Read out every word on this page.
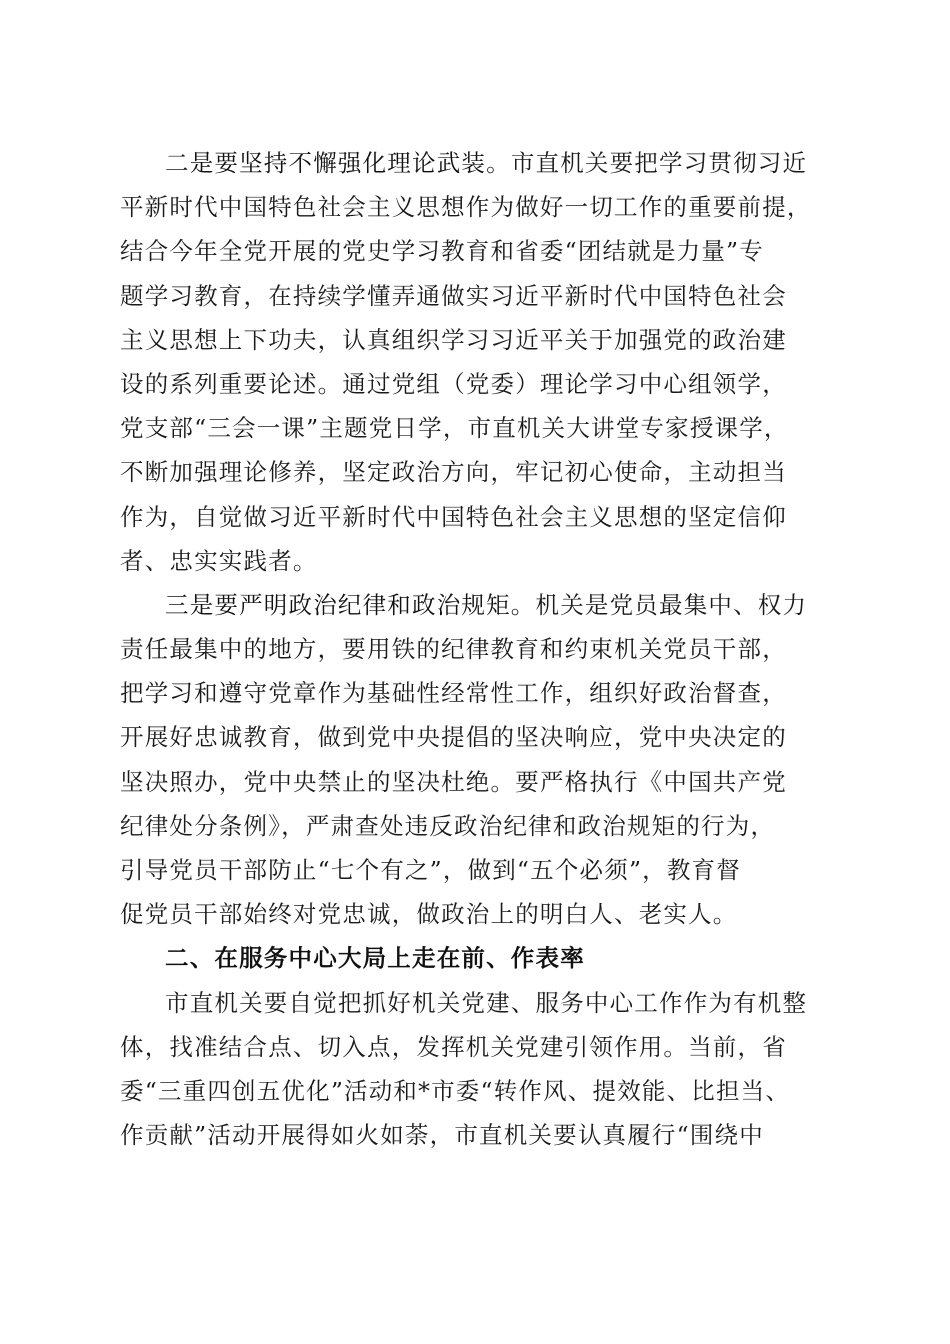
二是要坚持不懈强化理论武装。市直机关要把学习贯彻习近
平新时代中国特色社会主义思想作为做好一切工作的重要前提，
结合今年全党开展的党史学习教育和省委“团结就是力量”专
题学习教育，在持续学懂弄通做实习近平新时代中国特色社会
主义思想上下功夫，认真组织学习习近平关于加强党的政治建
设的系列重要论述。通过党组（党委）理论学习中心组领学，
党支部“三会一课”主题党日学，市直机关大讲堂专家授课学，
不断加强理论修养，坚定政治方向，牢记初心使命，主动担当
作为，自觉做习近平新时代中国特色社会主义思想的坚定信仰
者、忠实实践者。
三是要严明政治纪律和政治规矩。机关是党员最集中、权力
责任最集中的地方，要用铁的纪律教育和约束机关党员干部，
把学习和遵守党章作为基础性经常性工作，组织好政治督查，
开展好忠诚教育，做到党中央提倡的坚决响应，党中央决定的
坚决照办，党中央禁止的坚决杜绝。要严格执行《中国共产党
纪律处分条例》，严肃查处违反政治纪律和政治规矩的行为，
引导党员干部防止“七个有之”，做到“五个必须”，教育督
促党员干部始终对党忠诚，做政治上的明白人、老实人。
二、在服务中心大局上走在前、作表率
市直机关要自觉把抓好机关党建、服务中心工作作为有机整
体，找准结合点、切入点，发挥机关党建引领作用。当前，省
委“三重四创五优化”活动和*市委“转作风、提效能、比担当、
作贡献”活动开展得如火如荼，市直机关要认真履行“围绕中
